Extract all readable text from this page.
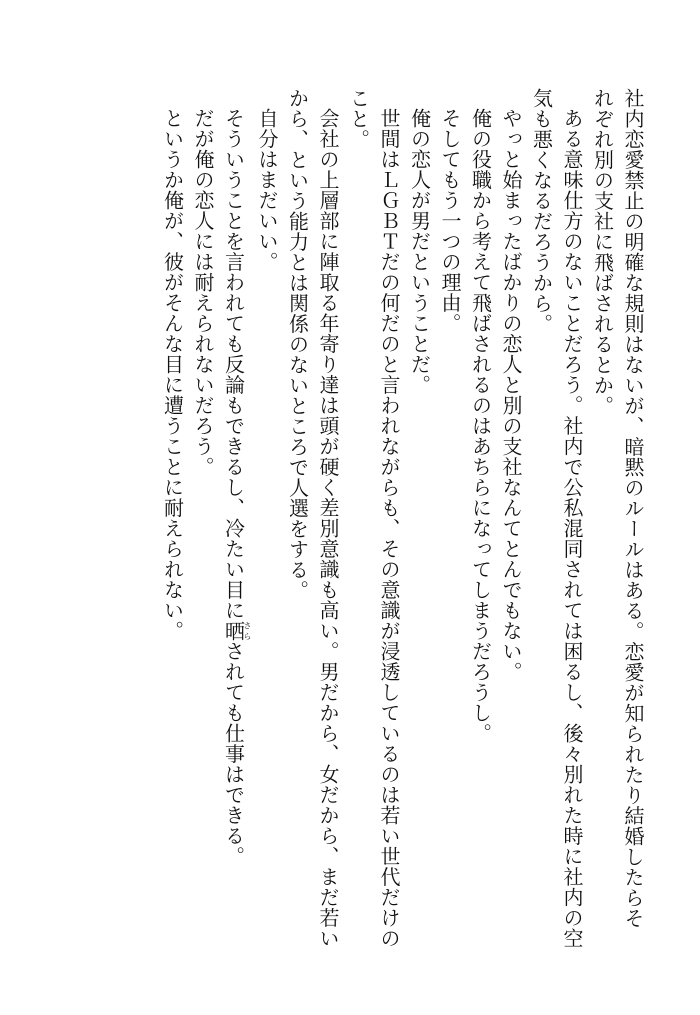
社内恋愛禁止の明確な規則はないが、暗黙のルールはある。恋愛が知られたり結婚したらそ
れぞれ別の支社に飛ばされるとか。
ある意味仕方のないことだろう。社内で公私混同されては困るし、後々別れた時に社内の空
気も悪くなるだろうから。
やっと始まったばかりの恋人と別の支社なんてとんでもない。
俺の役職から考えて飛ばされるのはあちらになってしまうだろうし。
そしてもう一つの理由。
俺の恋人が男だということだ。
世間はＬＧＢＴだの何だのと言われながらも、その意識が浸透しているのは若い世代だけの
こと。
会社の上層部に陣取る年寄り達は頭が硬く差別意識も高い。男だから、女だから、まだ若い
から、という能力とは関係のないところで人選をする。
自分はまだいい。
そういうことを言われても反論もできるし、冷たい目に晒さらされても仕事はできる。
だが俺の恋人には耐えられないだろう。
というか俺が、彼がそんな目に遭うことに耐えられない。
